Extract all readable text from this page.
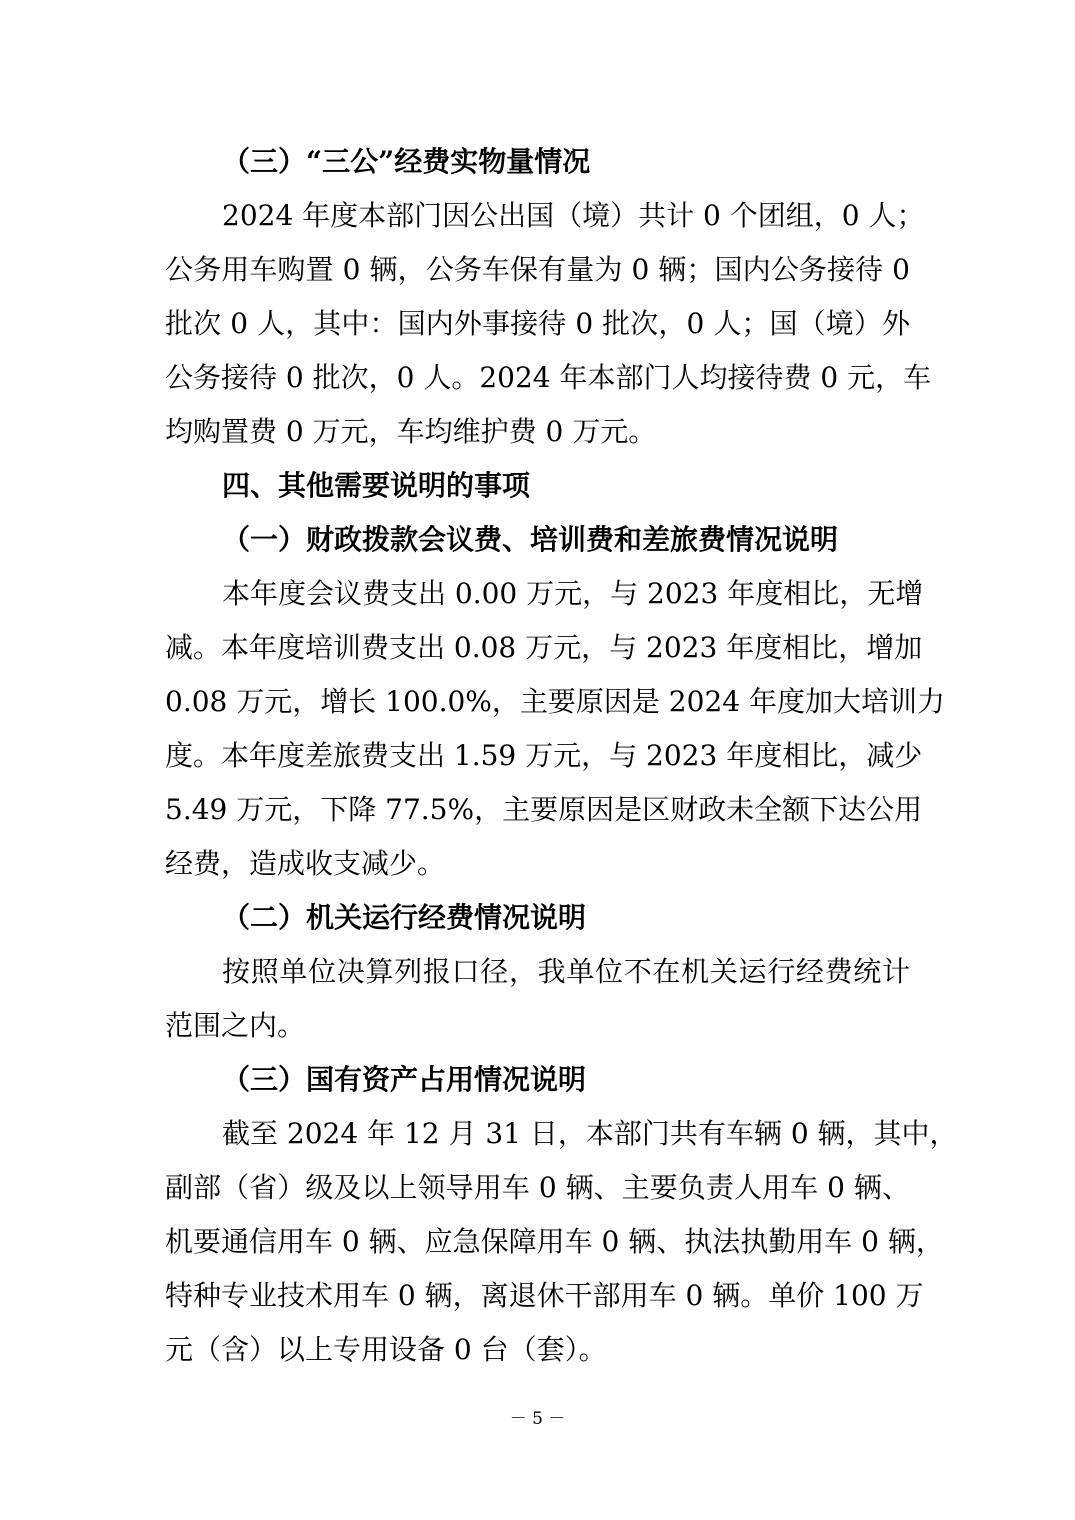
（三）“三公”经费实物量情况
2024 年度本部门因公出国（境）共计 0 个团组，0 人；
公务用车购置 0 辆，公务车保有量为 0 辆；国内公务接待 0
批次 0 人，其中：国内外事接待 0 批次，0 人；国（境）外
公务接待 0 批次，0 人。2024 年本部门人均接待费 0 元，车
均购置费 0 万元，车均维护费 0 万元。
四、其他需要说明的事项
（一）财政拨款会议费、培训费和差旅费情况说明
本年度会议费支出 0.00 万元，与 2023 年度相比，无增
减。本年度培训费支出 0.08 万元，与 2023 年度相比，增加
0.08 万元，增长 100.0%，主要原因是 2024 年度加大培训力
度。本年度差旅费支出 1.59 万元，与 2023 年度相比，减少
5.49 万元，下降 77.5%，主要原因是区财政未全额下达公用
经费，造成收支减少。
（二）机关运行经费情况说明
按照单位决算列报口径，我单位不在机关运行经费统计
范围之内。
（三）国有资产占用情况说明
截至 2024 年 12 月 31 日，本部门共有车辆 0 辆，其中，
副部（省）级及以上领导用车 0 辆、主要负责人用车 0 辆、
机要通信用车 0 辆、应急保障用车 0 辆、执法执勤用车 0 辆，
特种专业技术用车 0 辆，离退休干部用车 0 辆。单价 100 万
元（含）以上专用设备 0 台（套）。
－ 5 －
